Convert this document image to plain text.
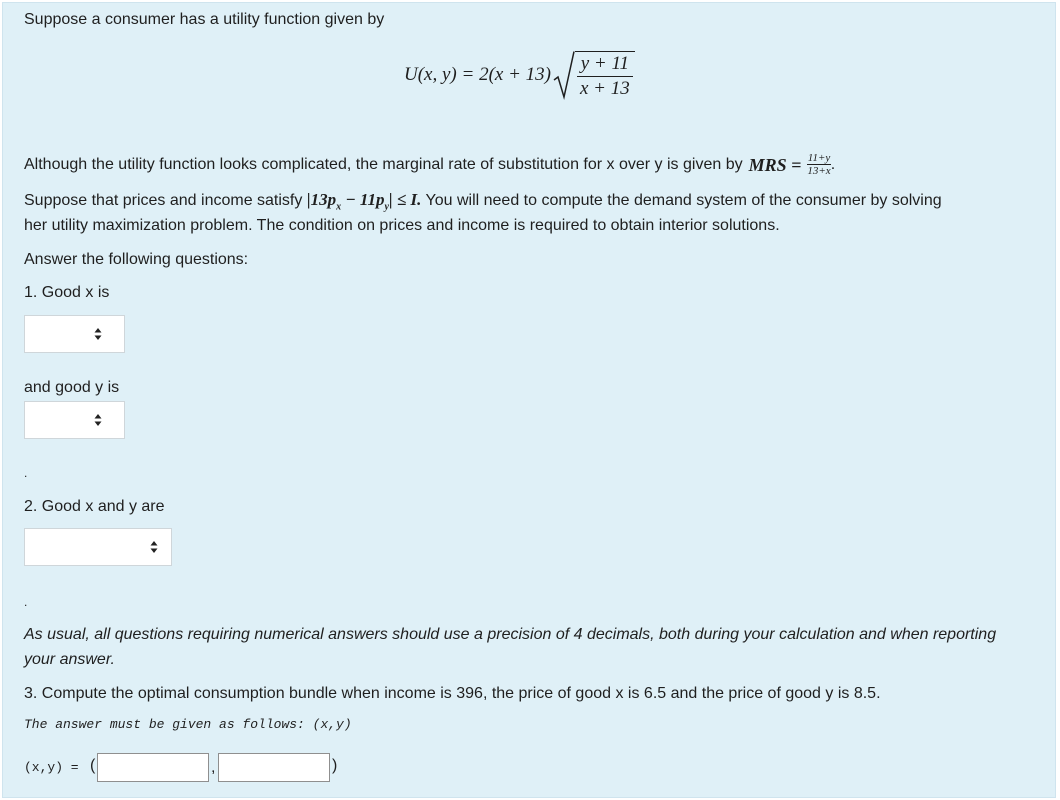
Suppose a consumer has a utility function given by
U(x, $y) = 2(x + 13) \frac{y + 11}{x + 13}$
Although the utility function looks complicated, the marginal rate of substitution for x over y is given by MRS = 11+y
13+x .
Suppose that prices and income satisfy $|13p_x - 11p_y| \le I$. You will need to compute the demand system of the consumer by solving
her utility maximization problem. The condition on prices and income is required to obtain interior solutions.
Answer the following questions:
1. Good x is
and good y is
.
2. Good x and y are
.
As usual, all questions requiring numerical answers should use a precision of 4 decimals, both during your calculation and when reporting
your answer.
3. Compute the optimal consumption bundle when income is 396, the price of good x is 6.5 and the price of good y is 8.5.
The answer must be given as follows: (x,y)
(x,y) = (	,	)
